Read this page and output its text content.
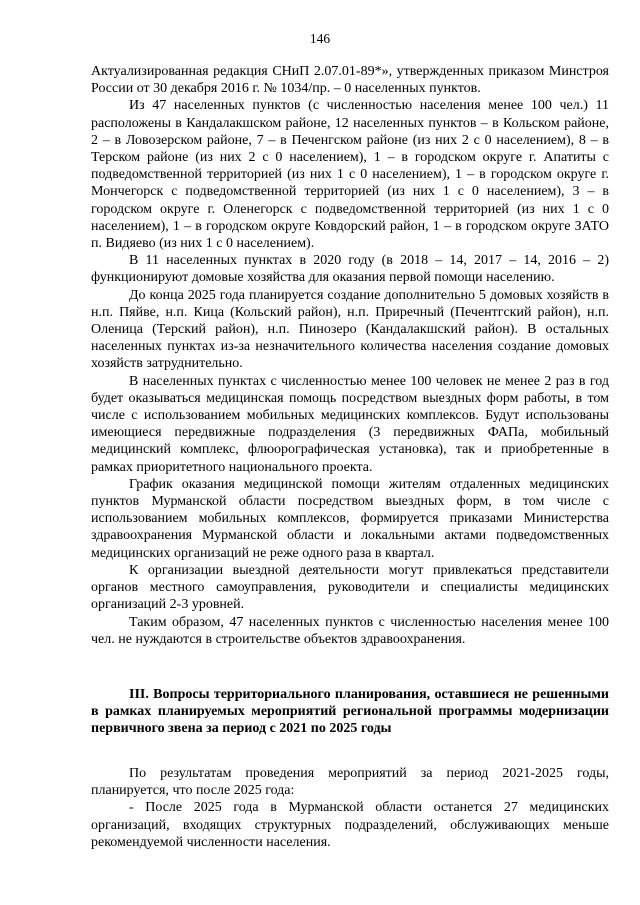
146

Актуализированная редакция СНиП 2.07.01-89*», утвержденных приказом Минстроя России от 30 декабря 2016 г. № 1034/пр. – 0 населенных пунктов.

Из 47 населенных пунктов (с численностью населения менее 100 чел.) 11 расположены в Кандалакшском районе, 12 населенных пунктов – в Кольском районе, 2 – в Ловозерском районе, 7 – в Печенгском районе (из них 2 с 0 населением), 8 – в Терском районе (из них 2 с 0 населением), 1 – в городском округе г. Апатиты с подведомственной территорией (из них 1 с 0 населением), 1 – в городском округе г. Мончегорск с подведомственной территорией (из них 1 с 0 населением), 3 – в городском округе г. Оленегорск с подведомственной территорией (из них 1 с 0 населением), 1 – в городском округе Ковдорский район, 1 – в городском округе ЗАТО п. Видяево (из них 1 с 0 населением).

В 11 населенных пунктах в 2020 году (в 2018 – 14, 2017 – 14, 2016 – 2) функционируют домовые хозяйства для оказания первой помощи населению.

До конца 2025 года планируется создание дополнительно 5 домовых хозяйств в н.п. Пяйве, н.п. Кица (Кольский район), н.п. Приречный (Печентгский район), н.п. Оленица (Терский район), н.п. Пинозеро (Кандалакшский район). В остальных населенных пунктах из-за незначительного количества населения создание домовых хозяйств затруднительно.

В населенных пунктах с численностью менее 100 человек не менее 2 раз в год будет оказываться медицинская помощь посредством выездных форм работы, в том числе с использованием мобильных медицинских комплексов. Будут использованы имеющиеся передвижные подразделения (3 передвижных ФАПа, мобильный медицинский комплекс, флюорографическая установка), так и приобретенные в рамках приоритетного национального проекта.

График оказания медицинской помощи жителям отдаленных медицинских пунктов Мурманской области посредством выездных форм, в том числе с использованием мобильных комплексов, формируется приказами Министерства здравоохранения Мурманской области и локальными актами подведомственных медицинских организаций не реже одного раза в квартал.

К организации выездной деятельности могут привлекаться представители органов местного самоуправления, руководители и специалисты медицинских организаций 2-3 уровней.

Таким образом, 47 населенных пунктов с численностью населения менее 100 чел. не нуждаются в строительстве объектов здравоохранения.

III. Вопросы территориального планирования, оставшиеся не решенными в рамках планируемых мероприятий региональной программы модернизации первичного звена за период с 2021 по 2025 годы

По результатам проведения мероприятий за период 2021-2025 годы, планируется, что после 2025 года:

- После 2025 года в Мурманской области останется 27 медицинских организаций, входящих структурных подразделений, обслуживающих меньше рекомендуемой численности населения.
